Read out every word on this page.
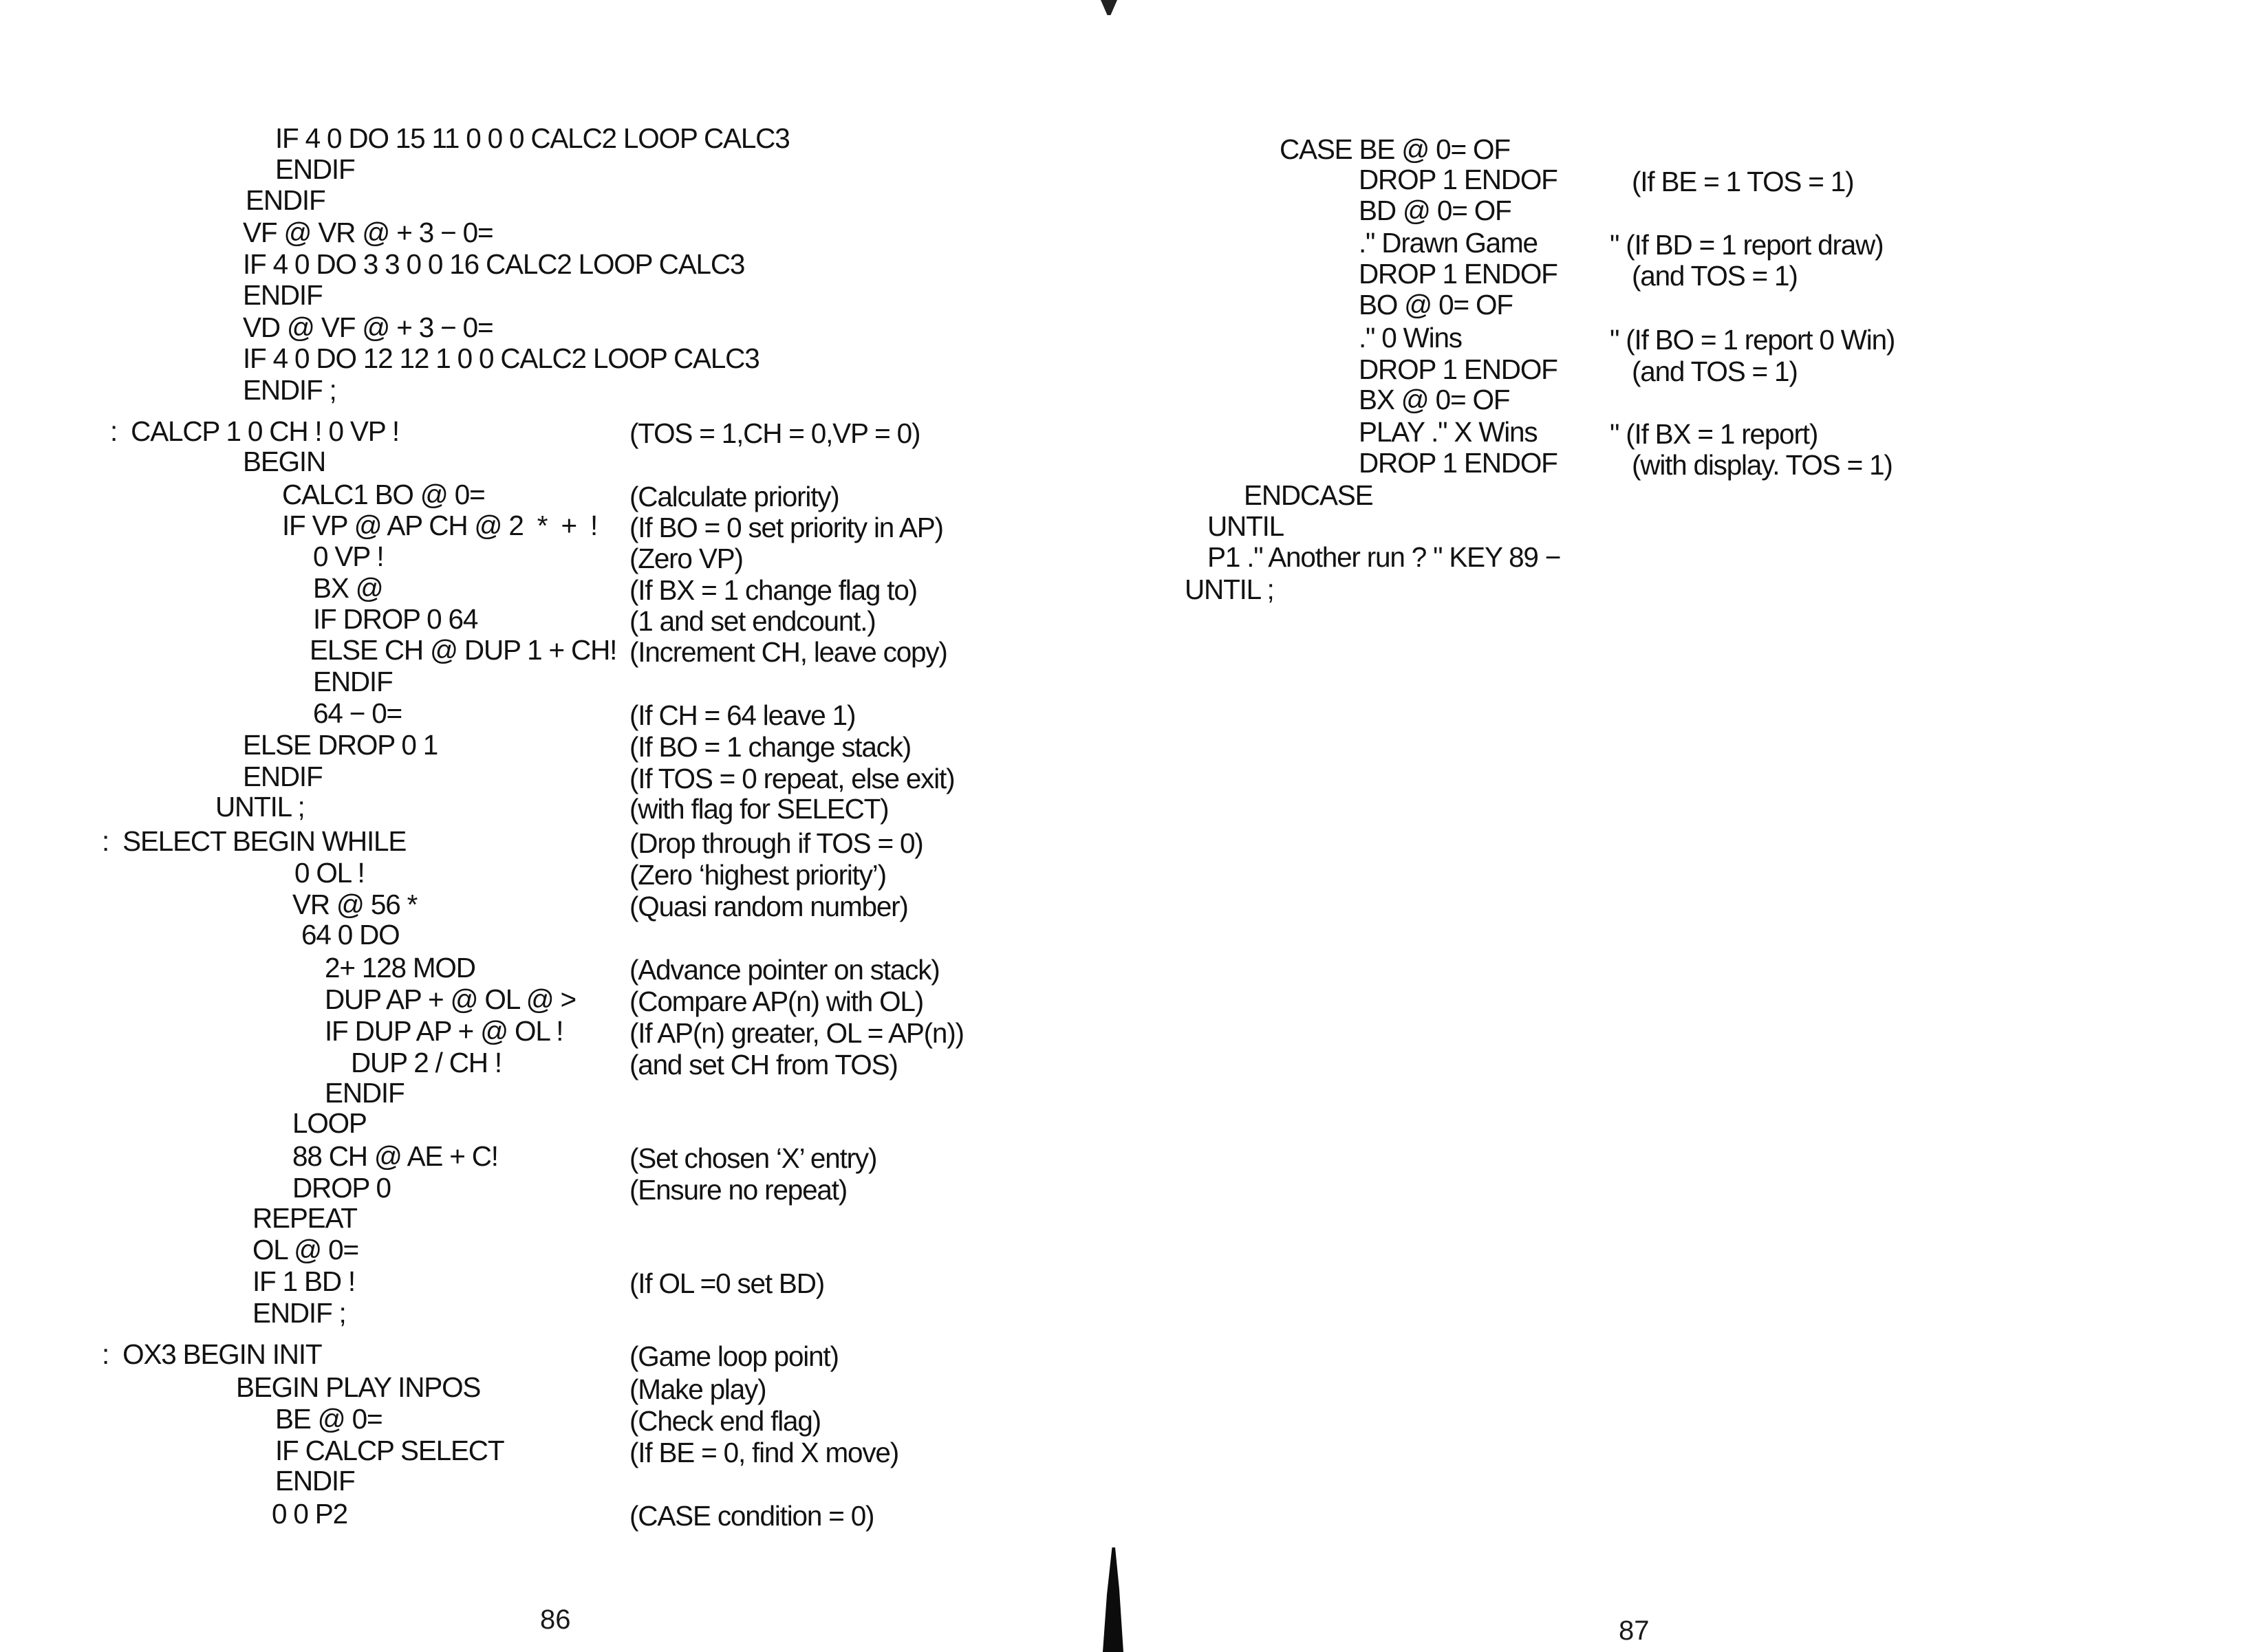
86	87
IF 4 0 DO 15 11 0 0 0 CALC2 LOOP CALC3
ENDIF
ENDIF
VF @ VR @ + 3 − 0=
IF 4 0 DO 3 3 0 0 16 CALC2 LOOP CALC3
ENDIF
VD @ VF @ + 3 − 0=
IF 4 0 DO 12 12 1 0 0 CALC2 LOOP CALC3
ENDIF ;
:  CALCP 1 0 CH ! 0 VP !	(TOS = 1,CH = 0,VP = 0)
BEGIN
CALC1 BO @ 0=	(Calculate priority)
IF VP @ AP CH @ 2  *  +  ! (If BO = 0 set priority in AP)
0 VP !	(Zero VP)
BX @	(If BX = 1 change flag to)
IF DROP 0 64	(1 and set endcount.)
ELSE CH @ DUP 1 + CH! (Increment CH, leave copy)
ENDIF
64 − 0=	(If CH = 64 leave 1)
ELSE DROP 0 1	(If BO = 1 change stack)
ENDIF	(If TOS = 0 repeat, else exit)
UNTIL ;	(with flag for SELECT)
:  SELECT BEGIN WHILE	(Drop through if TOS = 0)
0 OL !	(Zero ‘highest priority’)
VR @ 56 *	(Quasi random number)
64 0 DO
2+ 128 MOD	(Advance pointer on stack)
DUP AP + @ OL @ > (Compare AP(n) with OL)
IF DUP AP + @ OL ! (If AP(n) greater, OL = AP(n))
DUP 2 / CH !	(and set CH from TOS)
ENDIF
LOOP
88 CH @ AE + C!	(Set chosen ‘X’ entry)
DROP 0	(Ensure no repeat)
REPEAT
OL @ 0=
IF 1 BD !	(If OL =0 set BD)
ENDIF ;
:  OX3 BEGIN INIT	(Game loop point)
BEGIN PLAY INPOS	(Make play)
BE @ 0=	(Check end flag)
IF CALCP SELECT	(If BE = 0, find X move)
ENDIF
0 0 P2	(CASE condition = 0)
CASE BE @ 0= OF
DROP 1 ENDOF	(If BE = 1 TOS = 1)
BD @ 0= OF
." Drawn Game	" (If BD = 1 report draw)
DROP 1 ENDOF	(and TOS = 1)
BO @ 0= OF
." 0 Wins	" (If BO = 1 report 0 Win)
DROP 1 ENDOF	(and TOS = 1)
BX @ 0= OF
PLAY ." X Wins	" (If BX = 1 report)
DROP 1 ENDOF	(with display. TOS = 1)
ENDCASE
UNTIL
P1 ." Another run ? " KEY 89 −
UNTIL ;
